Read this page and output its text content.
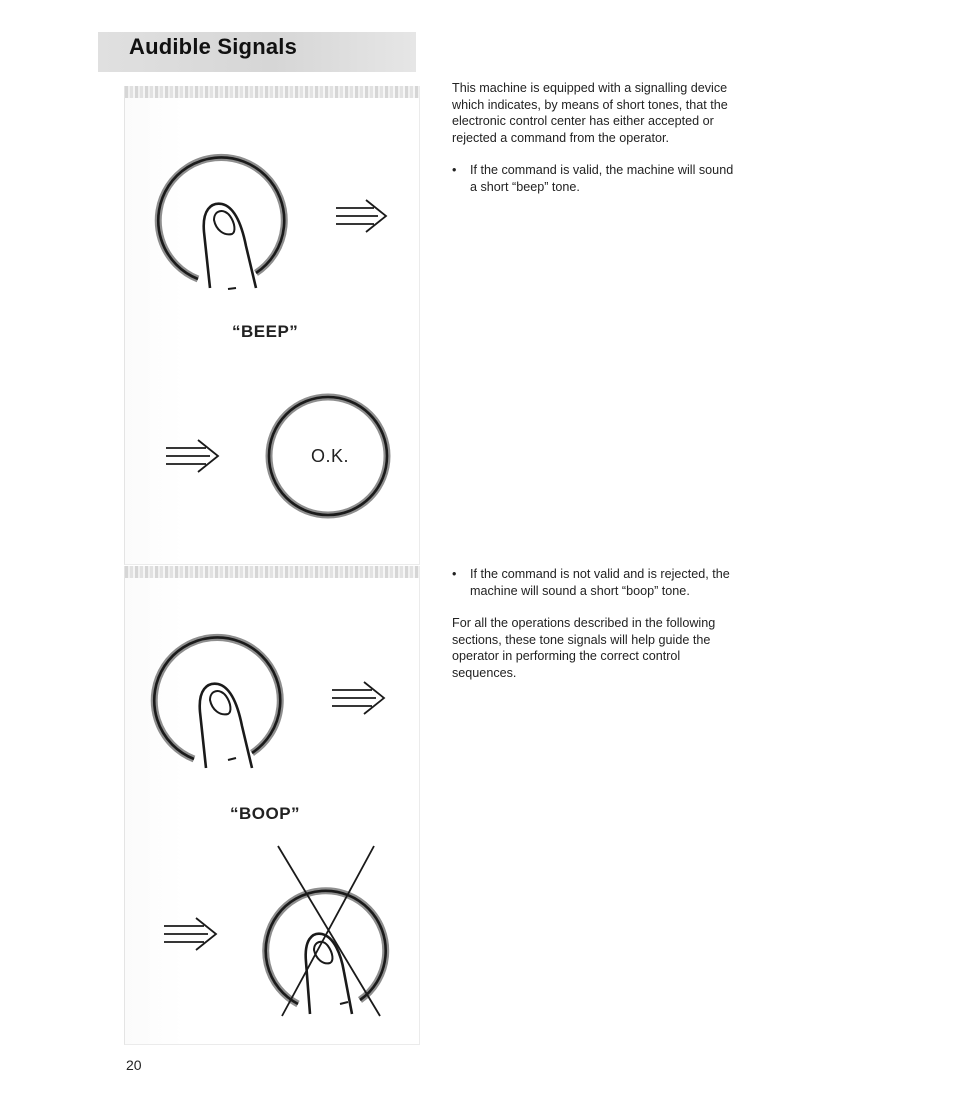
Audible Signals
“BEEP”
O.K.
“BOOP”

This machine is equipped with a signalling device which indicates, by means of short tones, that the electronic control center has either accepted or rejected a command from the operator.

•	If the command is valid, the machine will sound a short “beep” tone.
•	If the command is not valid and is rejected, the machine will sound a short “boop” tone.

For all the operations described in the following sections, these tone signals will help guide the operator in performing the correct control sequences.

20
